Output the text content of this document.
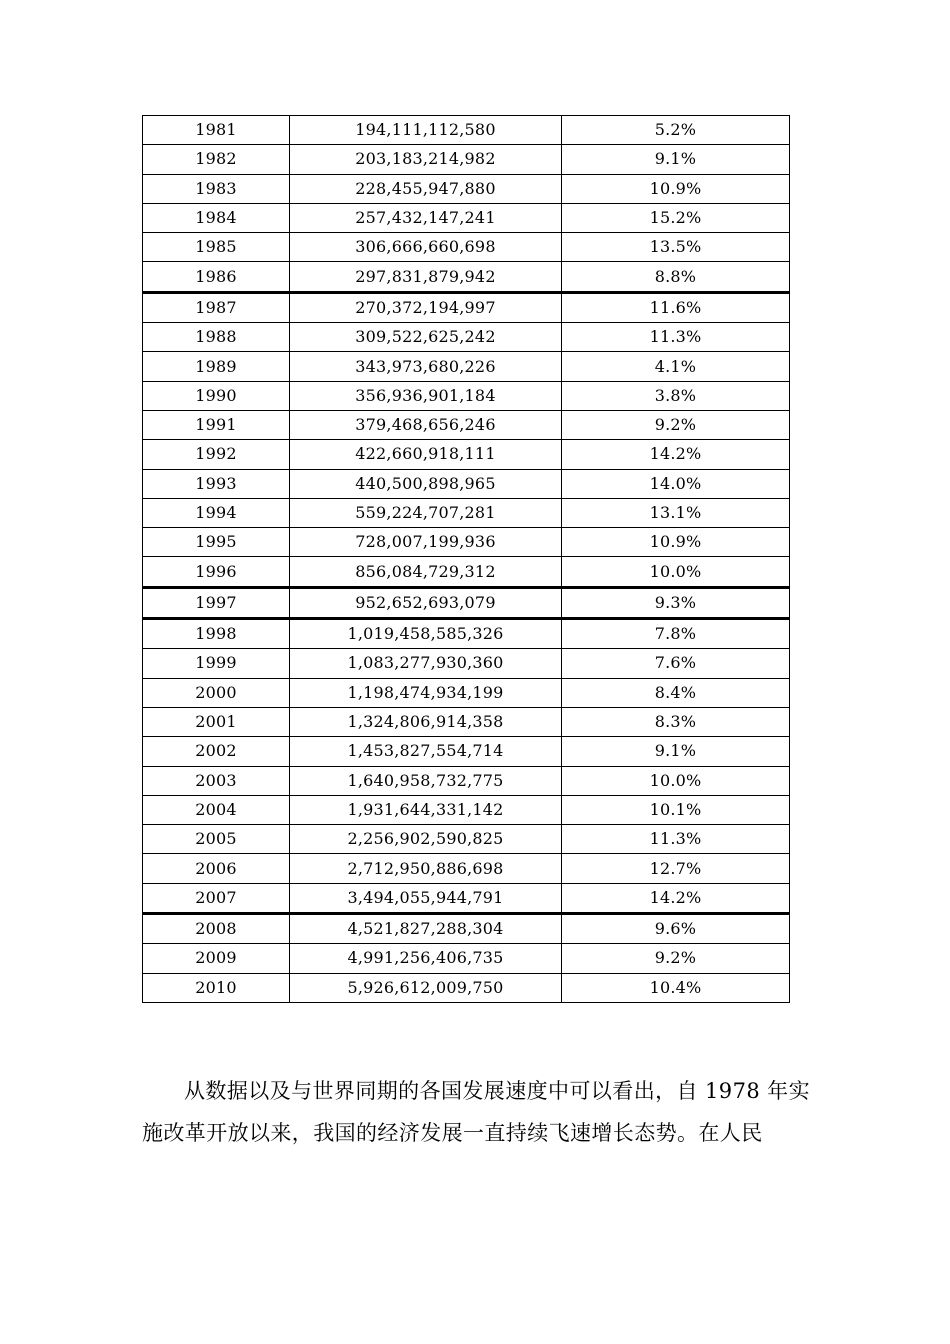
1981	194,111,112,580	5.2%
1982	203,183,214,982	9.1%
1983	228,455,947,880	10.9%
1984	257,432,147,241	15.2%
1985	306,666,660,698	13.5%
1986	297,831,879,942	8.8%
1987	270,372,194,997	11.6%
1988	309,522,625,242	11.3%
1989	343,973,680,226	4.1%
1990	356,936,901,184	3.8%
1991	379,468,656,246	9.2%
1992	422,660,918,111	14.2%
1993	440,500,898,965	14.0%
1994	559,224,707,281	13.1%
1995	728,007,199,936	10.9%
1996	856,084,729,312	10.0%
1997	952,652,693,079	9.3%
1998	1,019,458,585,326	7.8%
1999	1,083,277,930,360	7.6%
2000	1,198,474,934,199	8.4%
2001	1,324,806,914,358	8.3%
2002	1,453,827,554,714	9.1%
2003	1,640,958,732,775	10.0%
2004	1,931,644,331,142	10.1%
2005	2,256,902,590,825	11.3%
2006	2,712,950,886,698	12.7%
2007	3,494,055,944,791	14.2%
2008	4,521,827,288,304	9.6%
2009	4,991,256,406,735	9.2%
2010	5,926,612,009,750	10.4%
从数据以及与世界同期的各国发展速度中可以看出，自 1978 年实施改革开放以来，我国的经济发展一直持续飞速增长态势。在人民
